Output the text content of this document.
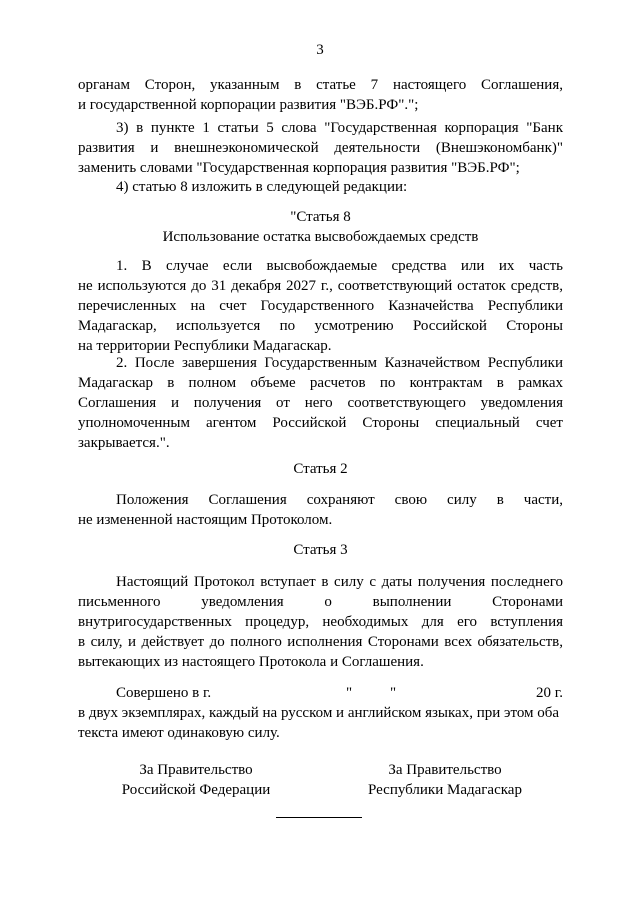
3
органам Сторон, указанным в статье 7 настоящего Соглашения,
и государственной корпорации развития "ВЭБ.РФ".";
3) в пункте 1 статьи 5 слова "Государственная корпорация "Банк
развития и внешнеэкономической деятельности (Внешэкономбанк)"
заменить словами "Государственная корпорация развития "ВЭБ.РФ";
4) статью 8 изложить в следующей редакции:
"Статья 8
Использование остатка высвобождаемых средств
1. В случае если высвобождаемые средства или их часть
не используются до 31 декабря 2027 г., соответствующий остаток средств,
перечисленных на счет Государственного Казначейства Республики
Мадагаскар, используется по усмотрению Российской Стороны
на территории Республики Мадагаскар.
2. После завершения Государственным Казначейством Республики
Мадагаскар в полном объеме расчетов по контрактам в рамках
Соглашения и получения от него соответствующего уведомления
уполномоченным агентом Российской Стороны специальный счет
закрывается.".
Статья 2
Положения Соглашения сохраняют свою силу в части,
не измененной настоящим Протоколом.
Статья 3
Настоящий Протокол вступает в силу с даты получения последнего
письменного уведомления о выполнении Сторонами
внутригосударственных процедур, необходимых для его вступления
в силу, и действует до полного исполнения Сторонами всех обязательств,
вытекающих из настоящего Протокола и Соглашения.
Совершено в г.	"	"	20 г.
в двух экземплярах, каждый на русском и английском языках, при этом оба
текста имеют одинаковую силу.
За Правительство
Российской Федерации
За Правительство
Республики Мадагаскар
